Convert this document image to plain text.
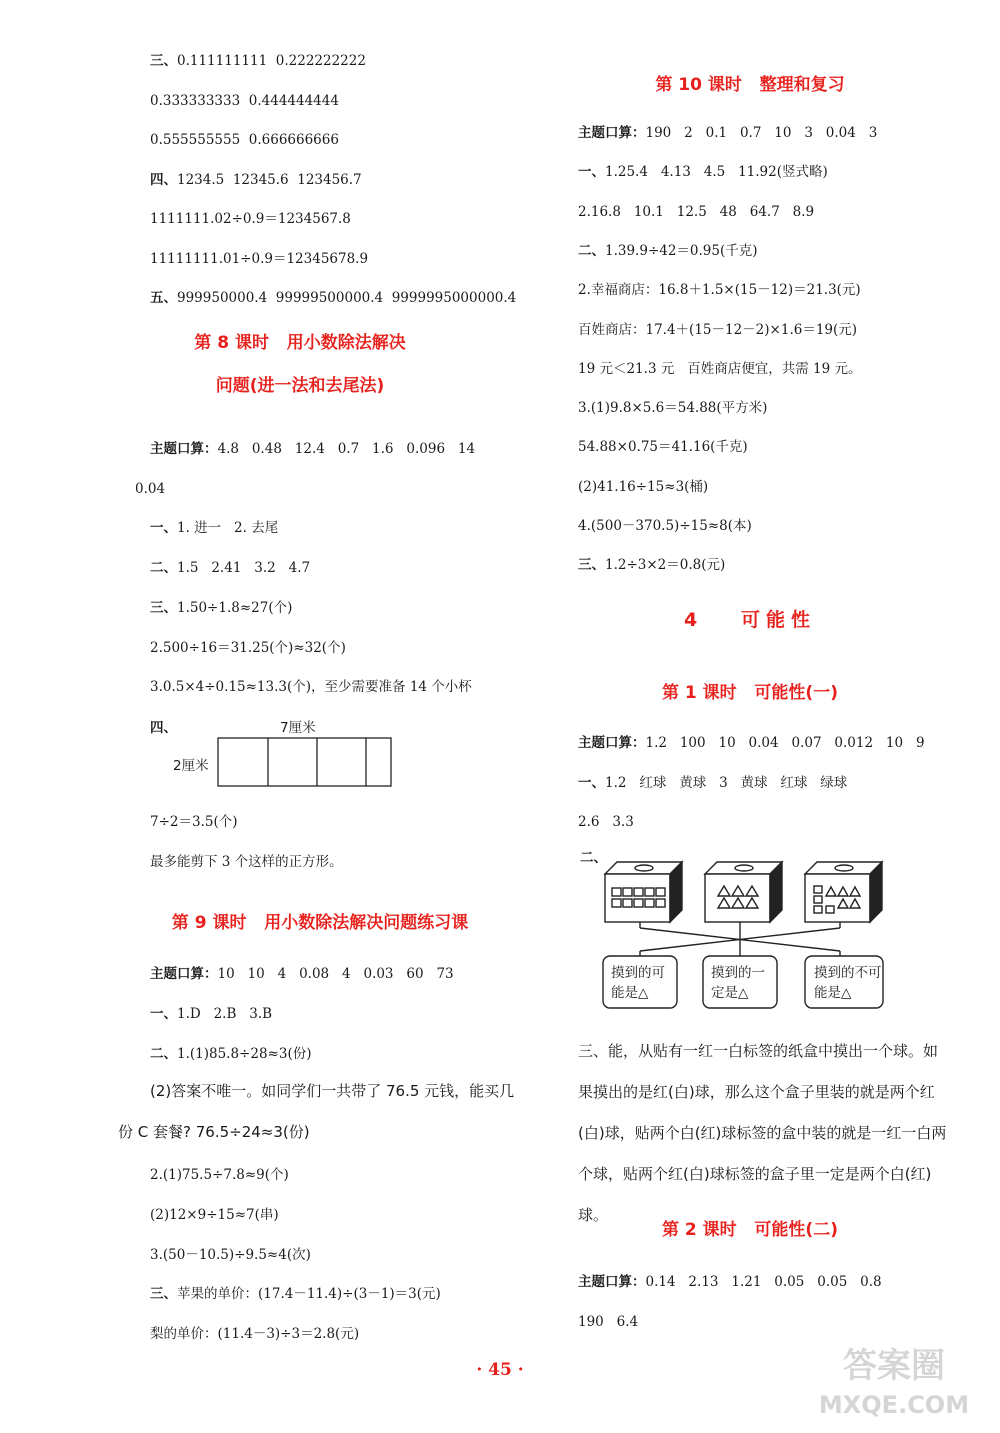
三、0.111111111  0.222222222
0.333333333  0.444444444
0.555555555  0.666666666
四、1234.5  12345.6  123456.7
1111111.02÷0.9＝1234567.8
11111111.01÷0.9＝12345678.9
五、999950000.4  99999500000.4  9999995000000.4
第 8 课时   用小数除法解决
问题(进一法和去尾法)
主题口算：4.8   0.48   12.4   0.7   1.6   0.096   14
0.04
一、1. 进一   2. 去尾
二、1.5   2.41   3.2   4.7
三、1.50÷1.8≈27(个)
2.500÷16＝31.25(个)≈32(个)
3.0.5×4÷0.15≈13.3(个)，至少需要准备 14 个小杯
四、	7厘米
2厘米
7÷2＝3.5(个)
最多能剪下 3 个这样的正方形。
第 9 课时   用小数除法解决问题练习课
主题口算：10   10   4   0.08   4   0.03   60   73
一、1.D   2.B   3.B
二、1.(1)85.8÷28≈3(份)
(2)答案不唯一。如同学们一共带了 76.5 元钱，能买几份 C 套餐? 76.5÷24≈3(份)
2.(1)75.5÷7.8≈9(个)
(2)12×9÷15≈7(串)
3.(50－10.5)÷9.5≈4(次)
三、苹果的单价：(17.4－11.4)÷(3－1)＝3(元)
梨的单价：(11.4－3)÷3＝2.8(元)
第 10 课时   整理和复习
主题口算：190   2   0.1   0.7   10   3   0.04   3
一、1.25.4   4.13   4.5   11.92(竖式略)
2.16.8   10.1   12.5   48   64.7   8.9
二、1.39.9÷42＝0.95(千克)
2.幸福商店：16.8＋1.5×(15－12)＝21.3(元)
百姓商店：17.4＋(15－12－2)×1.6＝19(元)
19 元＜21.3 元   百姓商店便宜，共需 19 元。
3.(1)9.8×5.6＝54.88(平方米)
54.88×0.75＝41.16(千克)
(2)41.16÷15≈3(桶)
4.(500－370.5)÷15≈8(本)
三、1.2÷3×2＝0.8(元)
4   可能性
第 1 课时   可能性(一)
主题口算：1.2   100   10   0.04   0.07   0.012   10   9
一、1.2   红球   黄球   3   黄球   红球   绿球
2.6   3.3
二、
摸到的可能是△
摸到的一定是△
摸到的不可能是△
三、能，从贴有一红一白标签的纸盒中摸出一个球。如果摸出的是红(白)球，那么这个盒子里装的就是两个红(白)球，贴两个白(红)球标签的盒中装的就是一红一白两个球，贴两个红(白)球标签的盒子里一定是两个白(红)球。
第 2 课时   可能性(二)
主题口算：0.14   2.13   1.21   0.05   0.05   0.8
190   6.4
· 45 ·	答案圈
MXQE.COM
